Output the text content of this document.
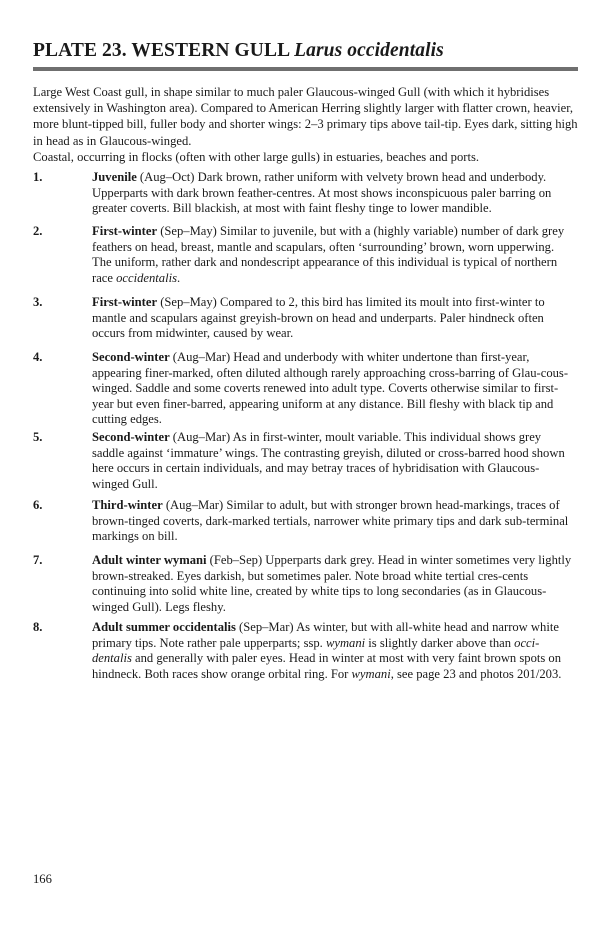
PLATE 23. WESTERN GULL Larus occidentalis

Large West Coast gull, in shape similar to much paler Glaucous-winged Gull (with which it hybridises extensively in Washington area). Compared to American Herring slightly larger with flatter crown, heavier, more blunt-tipped bill, fuller body and shorter wings: 2–3 primary tips above tail-tip. Eyes dark, sitting high in head as in Glaucous-winged.

Coastal, occurring in flocks (often with other large gulls) in estuaries, beaches and ports.

1.	Juvenile (Aug–Oct) Dark brown, rather uniform with velvety brown head and underbody. Upperparts with dark brown feather-centres. At most shows inconspicuous paler barring on greater coverts. Bill blackish, at most with faint fleshy tinge to lower mandible.
2.	First-winter (Sep–May) Similar to juvenile, but with a (highly variable) number of dark grey feathers on head, breast, mantle and scapulars, often ‘surrounding’ brown, worn upperwing. The uniform, rather dark and nondescript appearance of this individual is typical of northern race occidentalis.
3.	First-winter (Sep–May) Compared to 2, this bird has limited its moult into first-winter to mantle and scapulars against greyish-brown on head and underparts. Paler hindneck often occurs from midwinter, caused by wear.
4.	Second-winter (Aug–Mar) Head and underbody with whiter undertone than first-year, appearing finer-marked, often diluted although rarely approaching cross-barring of Glau-cous-winged. Saddle and some coverts renewed into adult type. Coverts otherwise similar to first-year but even finer-barred, appearing uniform at any distance. Bill fleshy with black tip and cutting edges.
5.	Second-winter (Aug–Mar) As in first-winter, moult variable. This individual shows grey saddle against ‘immature’ wings. The contrasting greyish, diluted or cross-barred hood shown here occurs in certain individuals, and may betray traces of hybridisation with Glaucous-winged Gull.
6.	Third-winter (Aug–Mar) Similar to adult, but with stronger brown head-markings, traces of brown-tinged coverts, dark-marked tertials, narrower white primary tips and dark sub-terminal markings on bill.
7.	Adult winter wymani (Feb–Sep) Upperparts dark grey. Head in winter sometimes very lightly brown-streaked. Eyes darkish, but sometimes paler. Note broad white tertial cres-cents continuing into solid white line, created by white tips to long secondaries (as in Glaucous-winged Gull). Legs fleshy.
8.	Adult summer occidentalis (Sep–Mar) As winter, but with all-white head and narrow white primary tips. Note rather pale upperparts; ssp. wymani is slightly darker above than occi-dentalis and generally with paler eyes. Head in winter at most with very faint brown spots on hindneck. Both races show orange orbital ring. For wymani, see page 23 and photos 201/203.
166
